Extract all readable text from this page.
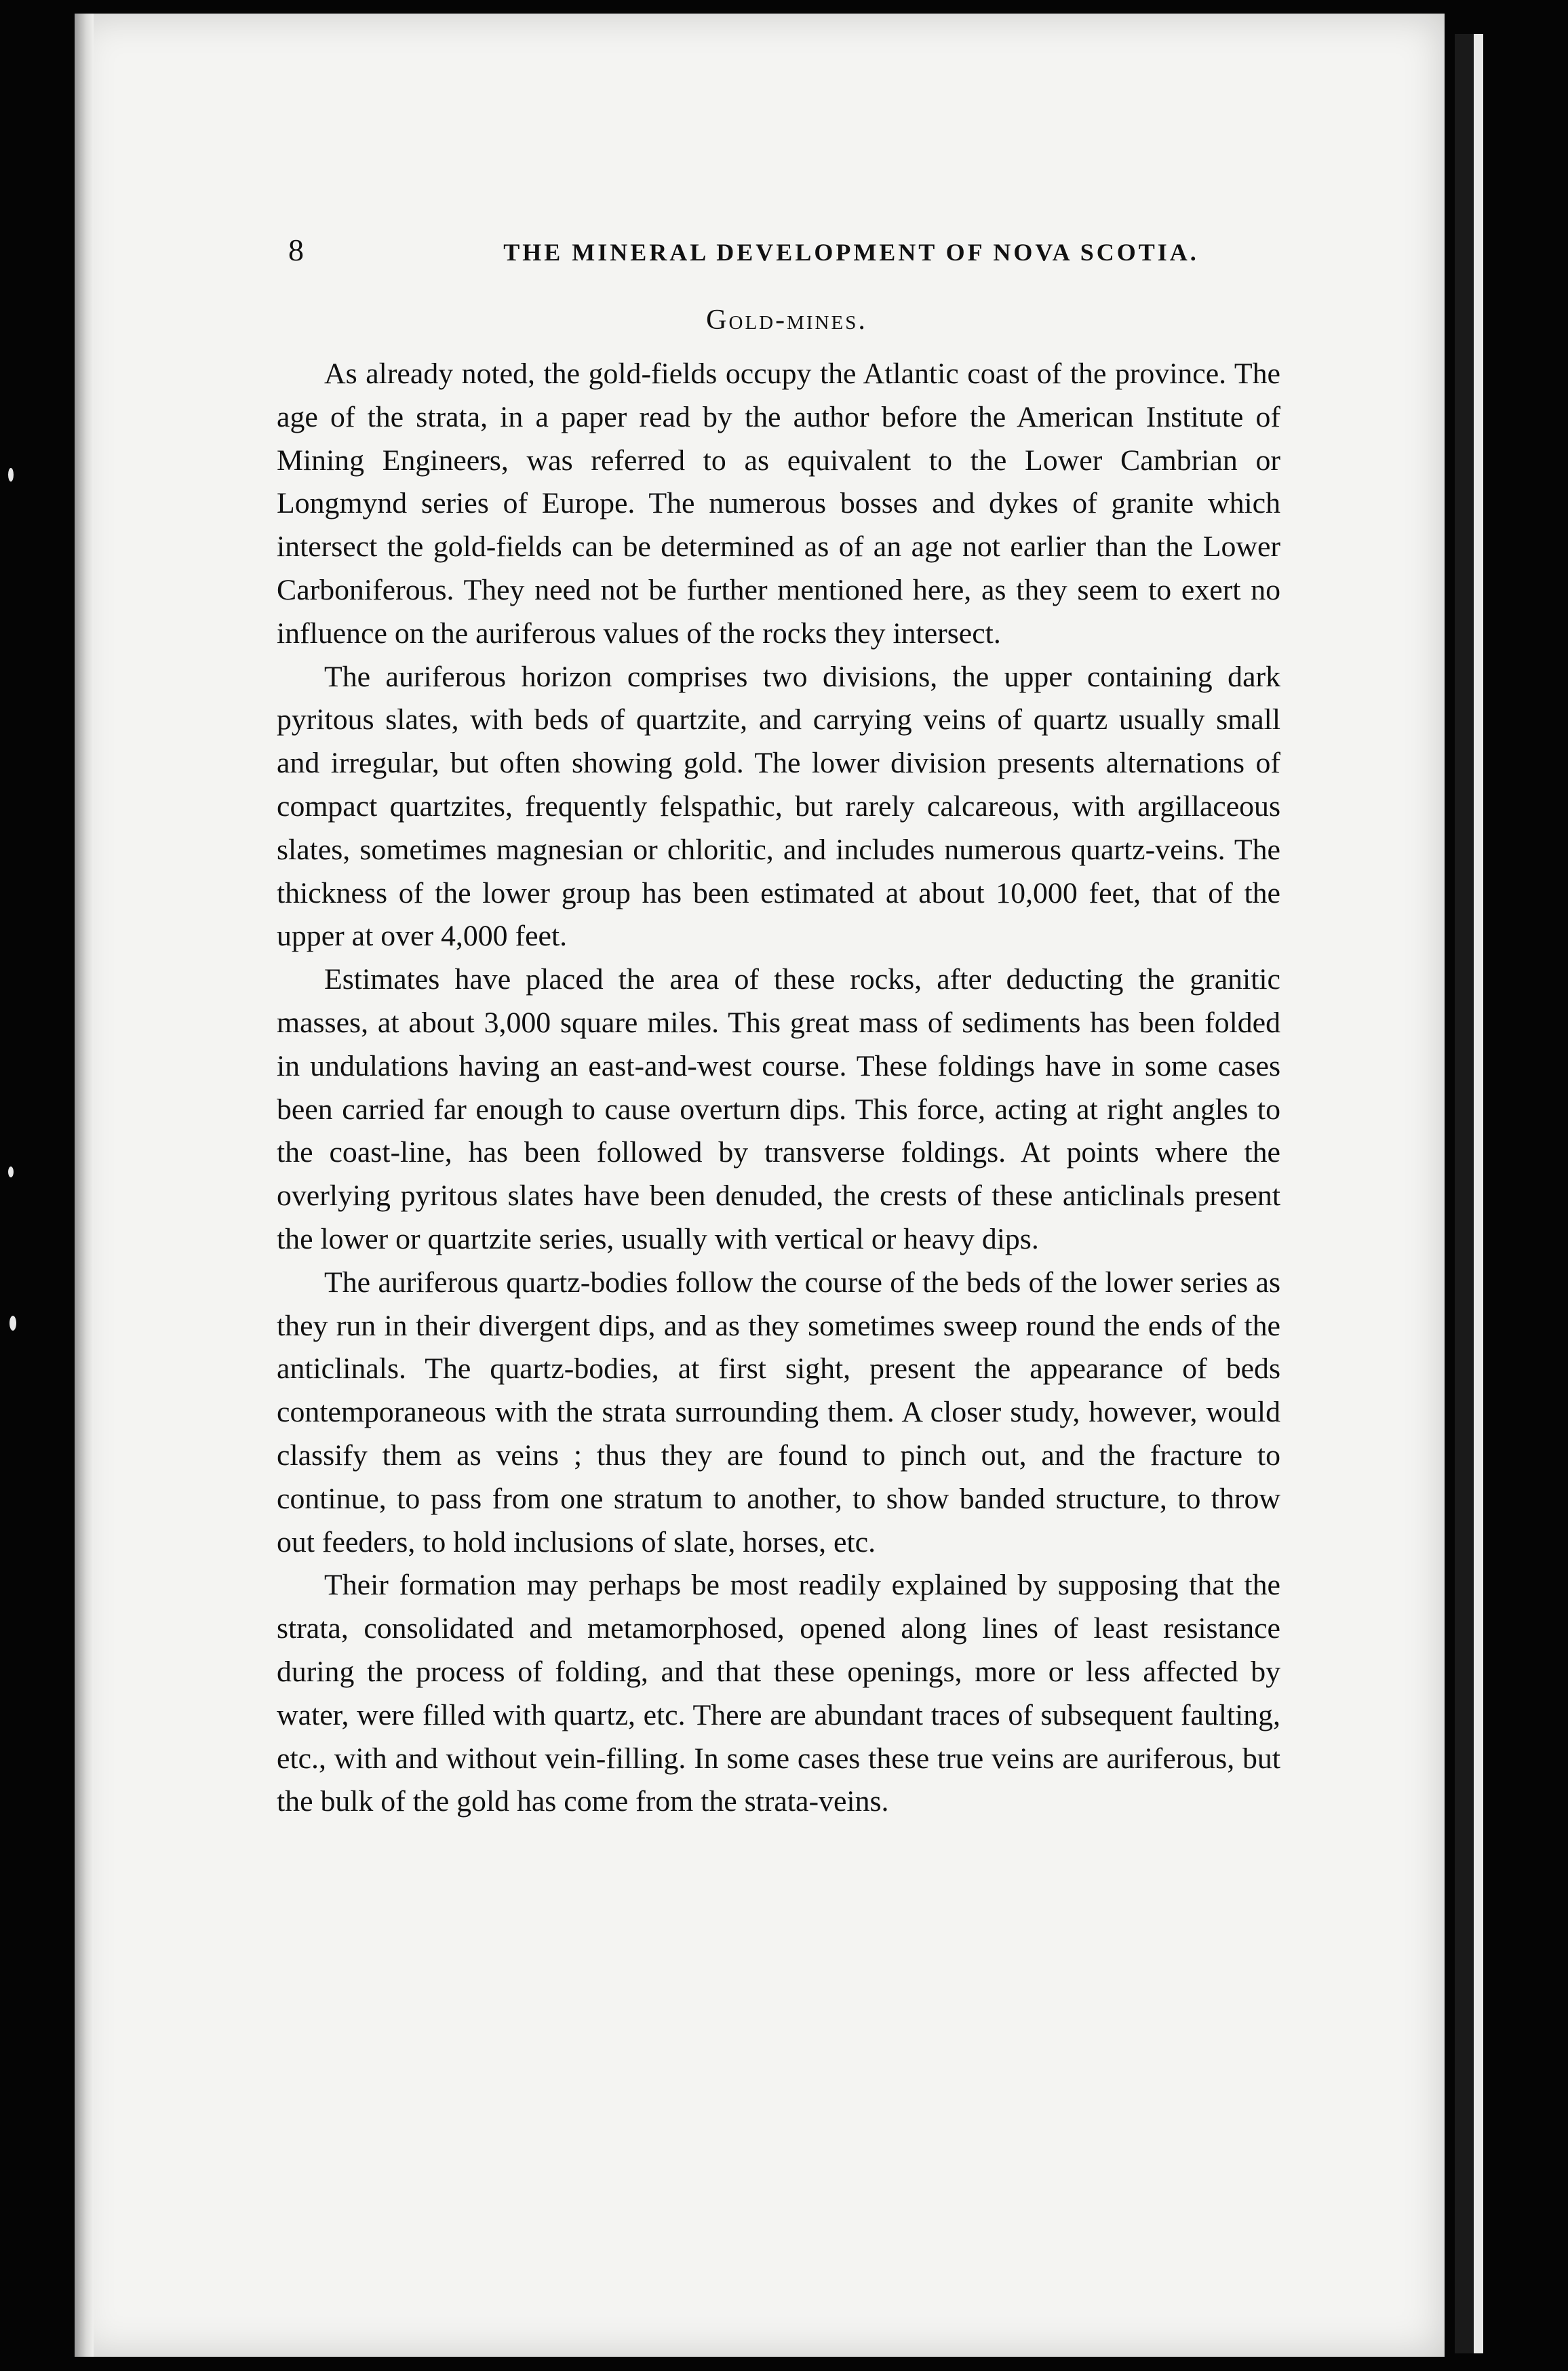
8	THE MINERAL DEVELOPMENT OF NOVA SCOTIA.
Gold-mines.

As already noted, the gold-fields occupy the Atlantic coast of the province. The age of the strata, in a paper read by the author before the American Institute of Mining Engineers, was referred to as equivalent to the Lower Cambrian or Longmynd series of Europe. The numerous bosses and dykes of granite which intersect the gold-fields can be determined as of an age not earlier than the Lower Carboniferous. They need not be further mentioned here, as they seem to exert no influence on the auriferous values of the rocks they intersect.

The auriferous horizon comprises two divisions, the upper containing dark pyritous slates, with beds of quartzite, and carrying veins of quartz usually small and irregular, but often showing gold. The lower division presents alternations of compact quartzites, frequently felspathic, but rarely calcareous, with argillaceous slates, sometimes magnesian or chloritic, and includes numerous quartz-veins. The thickness of the lower group has been estimated at about 10,000 feet, that of the upper at over 4,000 feet.

Estimates have placed the area of these rocks, after deducting the granitic masses, at about 3,000 square miles. This great mass of sediments has been folded in undulations having an east-and-west course. These foldings have in some cases been carried far enough to cause overturn dips. This force, acting at right angles to the coast-line, has been followed by transverse foldings. At points where the overlying pyritous slates have been denuded, the crests of these anticlinals present the lower or quartzite series, usually with vertical or heavy dips.

The auriferous quartz-bodies follow the course of the beds of the lower series as they run in their divergent dips, and as they sometimes sweep round the ends of the anticlinals. The quartz-bodies, at first sight, present the appearance of beds contemporaneous with the strata surrounding them. A closer study, however, would classify them as veins ; thus they are found to pinch out, and the fracture to continue, to pass from one stratum to another, to show banded structure, to throw out feeders, to hold inclusions of slate, horses, etc.

Their formation may perhaps be most readily explained by supposing that the strata, consolidated and metamorphosed, opened along lines of least resistance during the process of folding, and that these openings, more or less affected by water, were filled with quartz, etc. There are abundant traces of subsequent faulting, etc., with and without vein-filling. In some cases these true veins are auriferous, but the bulk of the gold has come from the strata-veins.
